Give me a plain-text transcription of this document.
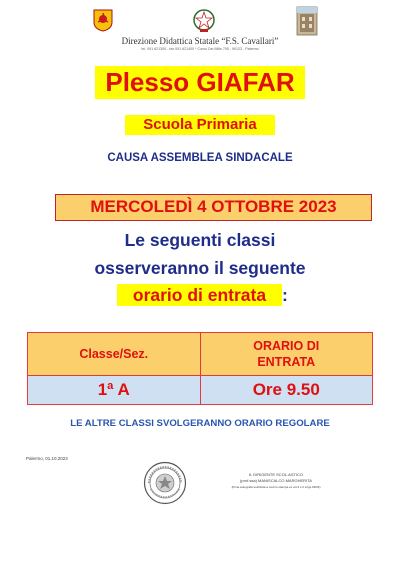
Direzione Didattica Statale “F.S. Cavallari”
tel. 091 621300 - fax 091 621400 * Corso Dei Mille 795 - 90123 - Palermo
Plesso GIAFAR
Scuola Primaria
CAUSA ASSEMBLEA SINDACALE
MERCOLEDÌ 4 OTTOBRE 2023
Le seguenti classi
osserveranno il seguente
orario di entrata :
Classe/Sez.	ORARIO DI ENTRATA

1ª A	Ore 9.50
LE ALTRE CLASSI SVOLGERANNO ORARIO REGOLARE
Palermo, 01.10.2023
IL DIRIGENTE SCOL.ASTICO
(prof.ssa) MANISCALCO MARGHERITA
(firma autografa sostituita a mezzo stampa ex art.3 c.2 d.lgs.39/93)
